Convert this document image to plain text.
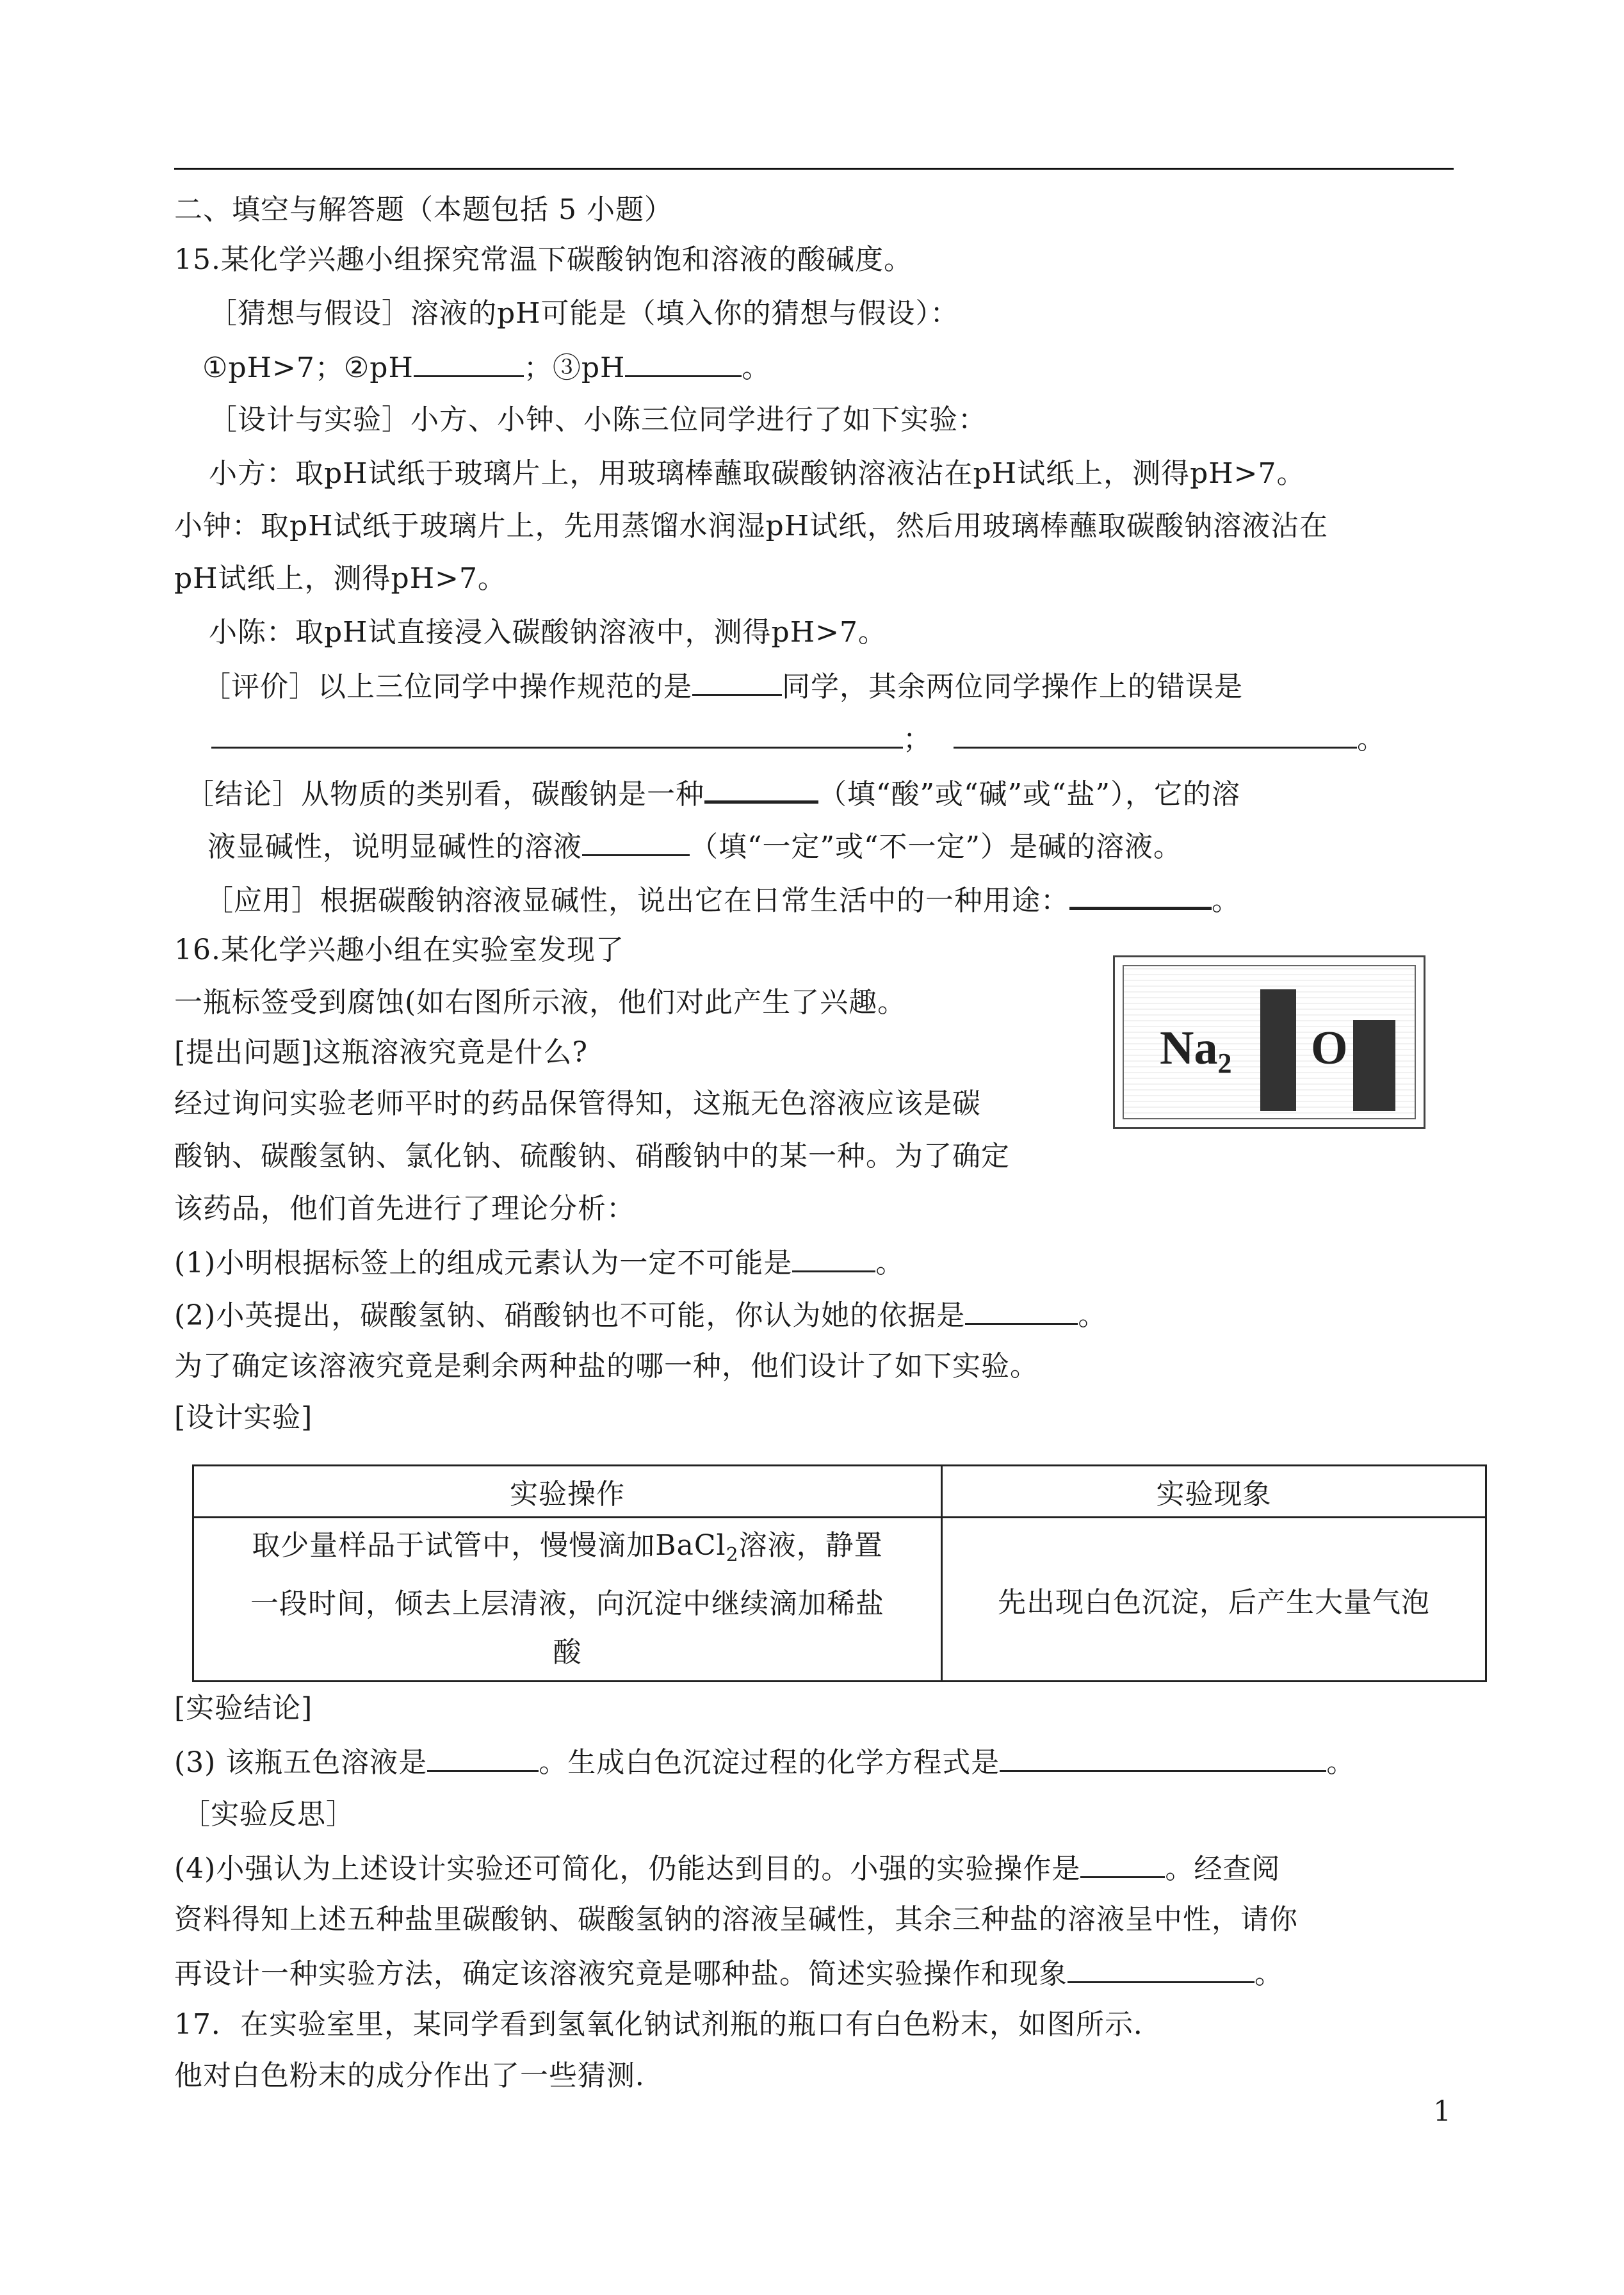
二、填空与解答题（本题包括 5 小题）
15.某化学兴趣小组探究常温下碳酸钠饱和溶液的酸碱度。
［猜想与假设］溶液的pH可能是（填入你的猜想与假设）：
①pH>7；②pH	；③pH	。
［设计与实验］小方、小钟、小陈三位同学进行了如下实验：
小方：取pH试纸于玻璃片上，用玻璃棒蘸取碳酸钠溶液沾在pH试纸上，测得pH>7。
小钟：取pH试纸于玻璃片上，先用蒸馏水润湿pH试纸，然后用玻璃棒蘸取碳酸钠溶液沾在
pH试纸上，测得pH>7。
小陈：取pH试直接浸入碳酸钠溶液中，测得pH>7。
［评价］以上三位同学中操作规范的是	同学，其余两位同学操作上的错误是
；	。
［结论］从物质的类别看，碳酸钠是一种	（填“酸”或“碱”或“盐”），它的溶
液显碱性，说明显碱性的溶液	（填“一定”或“不一定”）是碱的溶液。
［应用］根据碳酸钠溶液显碱性，说出它在日常生活中的一种用途：	。
16.某化学兴趣小组在实验室发现了
一瓶标签受到腐蚀(如右图所示液，他们对此产生了兴趣。
[提出问题]这瓶溶液究竟是什么?
经过询问实验老师平时的药品保管得知，这瓶无色溶液应该是碳
酸钠、碳酸氢钠、氯化钠、硫酸钠、硝酸钠中的某一种。为了确定
该药品，他们首先进行了理论分析：
$Na_2$ O
(1)小明根据标签上的组成元素认为一定不可能是	。
(2)小英提出，碳酸氢钠、硝酸钠也不可能，你认为她的依据是	。
为了确定该溶液究竟是剩余两种盐的哪一种，他们设计了如下实验。
[设计实验]
实验操作	实验现象

取少量样品于试管中，慢慢滴加BaCl$_2$溶液，静置
一段时间，倾去上层清液，向沉淀中继续滴加稀盐
酸	先出现白色沉淀，后产生大量气泡
[实验结论]
(3) 该瓶五色溶液是	。生成白色沉淀过程的化学方程式是	。
［实验反思］
(4)小强认为上述设计实验还可简化，仍能达到目的。小强的实验操作是	。经查阅
资料得知上述五种盐里碳酸钠、碳酸氢钠的溶液呈碱性，其余三种盐的溶液呈中性，请你
再设计一种实验方法，确定该溶液究竟是哪种盐。简述实验操作和现象	。
17．在实验室里，某同学看到氢氧化钠试剂瓶的瓶口有白色粉末，如图所示．
他对白色粉末的成分作出了一些猜测．
1
